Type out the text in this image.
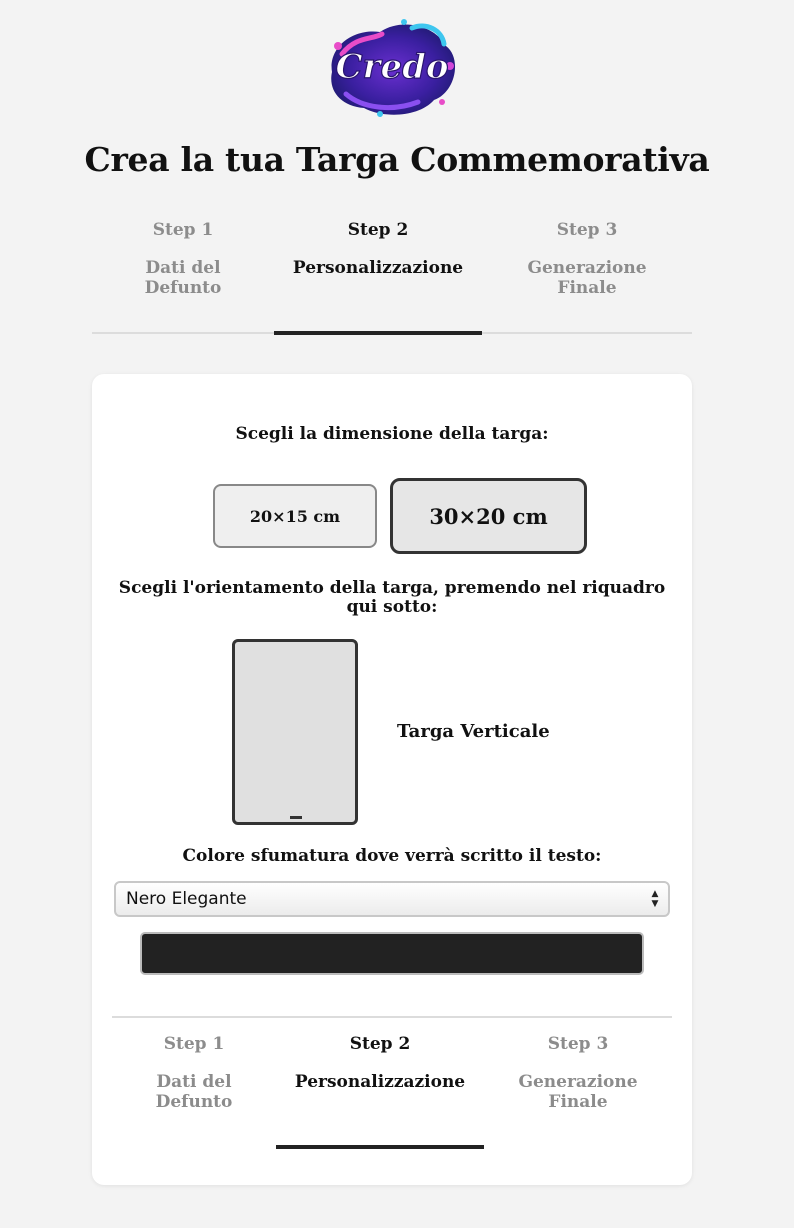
Credo
Crea la tua Targa Commemorativa
Step 1
Dati del
Defunto
Step 2
Personalizzazione
Step 3
Generazione
Finale
Scegli la dimensione della targa:
20×15 cm	30×20 cm
Scegli l'orientamento della targa, premendo nel riquadro
qui sotto:
Targa Verticale
Colore sfumatura dove verrà scritto il testo:
Nero Elegante	▲
▼
Step 1
Dati del
Defunto
Step 2
Personalizzazione
Step 3
Generazione
Finale
